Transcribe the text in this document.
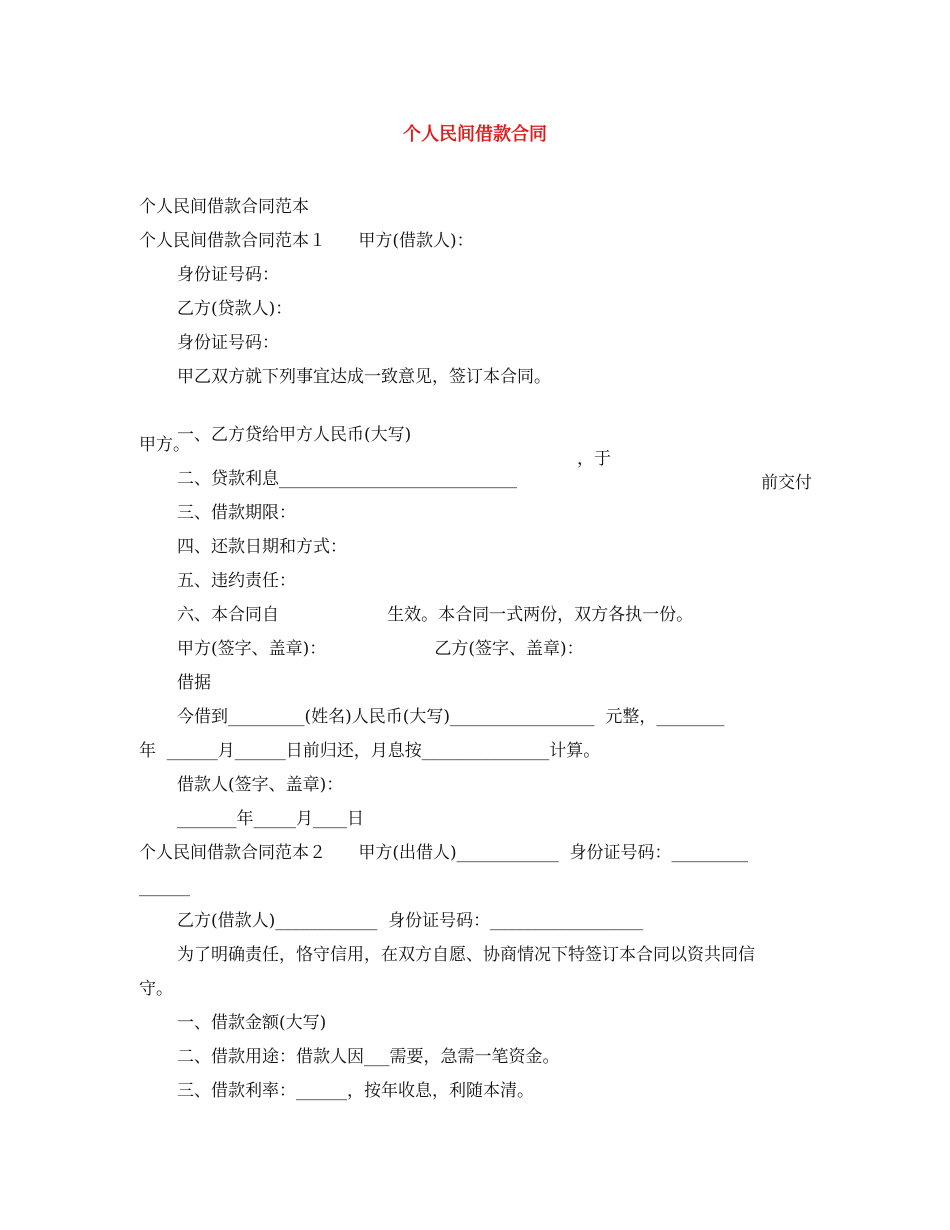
个人民间借款合同
个人民间借款合同范本
个人民间借款合同范本１      甲方(借款人)：
身份证号码：
乙方(贷款人)：
身份证号码：
甲乙双方就下列事宜达成一致意见，签订本合同。

一、乙方贷给甲方人民币(大写)

，于

前交付

甲方。
二、贷款利息____________________________
三、借款期限：
四、还款日期和方式：
五、违约责任：
六、本合同自                    生效。本合同一式两份，双方各执一份。
甲方(签字、盖章)：                    乙方(签字、盖章)：
借据
今借到_________(姓名)人民币(大写)_________________  元整，________
年  ______月______日前归还，月息按_______________计算。
借款人(签字、盖章)：
_______年_____月____日
个人民间借款合同范本２      甲方(出借人)____________  身份证号码：_________
______
乙方(借款人)____________  身份证号码：__________________
为了明确责任，恪守信用，在双方自愿、协商情况下特签订本合同以资共同信
守。
一、借款金额(大写)
二、借款用途：借款人因___需要，急需一笔资金。
三、借款利率：______，按年收息，利随本清。
